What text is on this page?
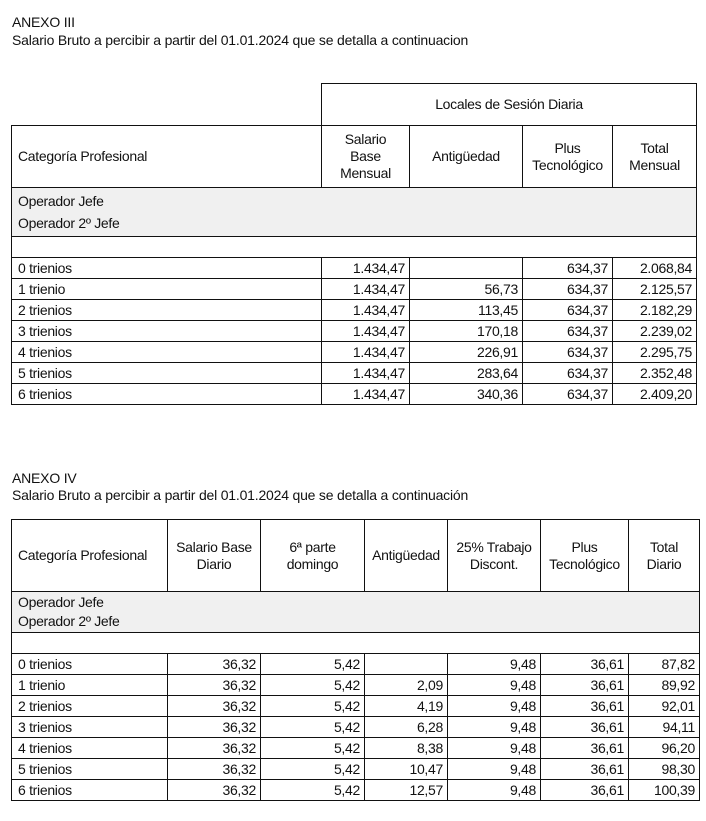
ANEXO III
Salario Bruto a percibir a partir del 01.01.2024 que se detalla a continuacion
	Locales de Sesión Diaria			
Categoría Profesional	Salario Base Mensual	Antigüedad	Plus Tecnológico	Total Mensual

Operador Jefe
Operador 2º Jefe				

0 trienios	1.434,47		634,37	2.068,84
1 trienio	1.434,47	56,73	634,37	2.125,57
2 trienios	1.434,47	113,45	634,37	2.182,29
3 trienios	1.434,47	170,18	634,37	2.239,02
4 trienios	1.434,47	226,91	634,37	2.295,75
5 trienios	1.434,47	283,64	634,37	2.352,48
6 trienios	1.434,47	340,36	634,37	2.409,20
ANEXO IV
Salario Bruto a percibir a partir del 01.01.2024 que se detalla a continuación
Categoría Profesional	Salario Base Diario	6ª parte domingo	Antigüedad	25% Trabajo Discont.	Plus Tecnológico	Total Diario

Operador Jefe
Operador 2º Jefe						

0 trienios	36,32	5,42		9,48	36,61	87,82
1 trienio	36,32	5,42	2,09	9,48	36,61	89,92
2 trienios	36,32	5,42	4,19	9,48	36,61	92,01
3 trienios	36,32	5,42	6,28	9,48	36,61	94,11
4 trienios	36,32	5,42	8,38	9,48	36,61	96,20
5 trienios	36,32	5,42	10,47	9,48	36,61	98,30
6 trienios	36,32	5,42	12,57	9,48	36,61	100,39
